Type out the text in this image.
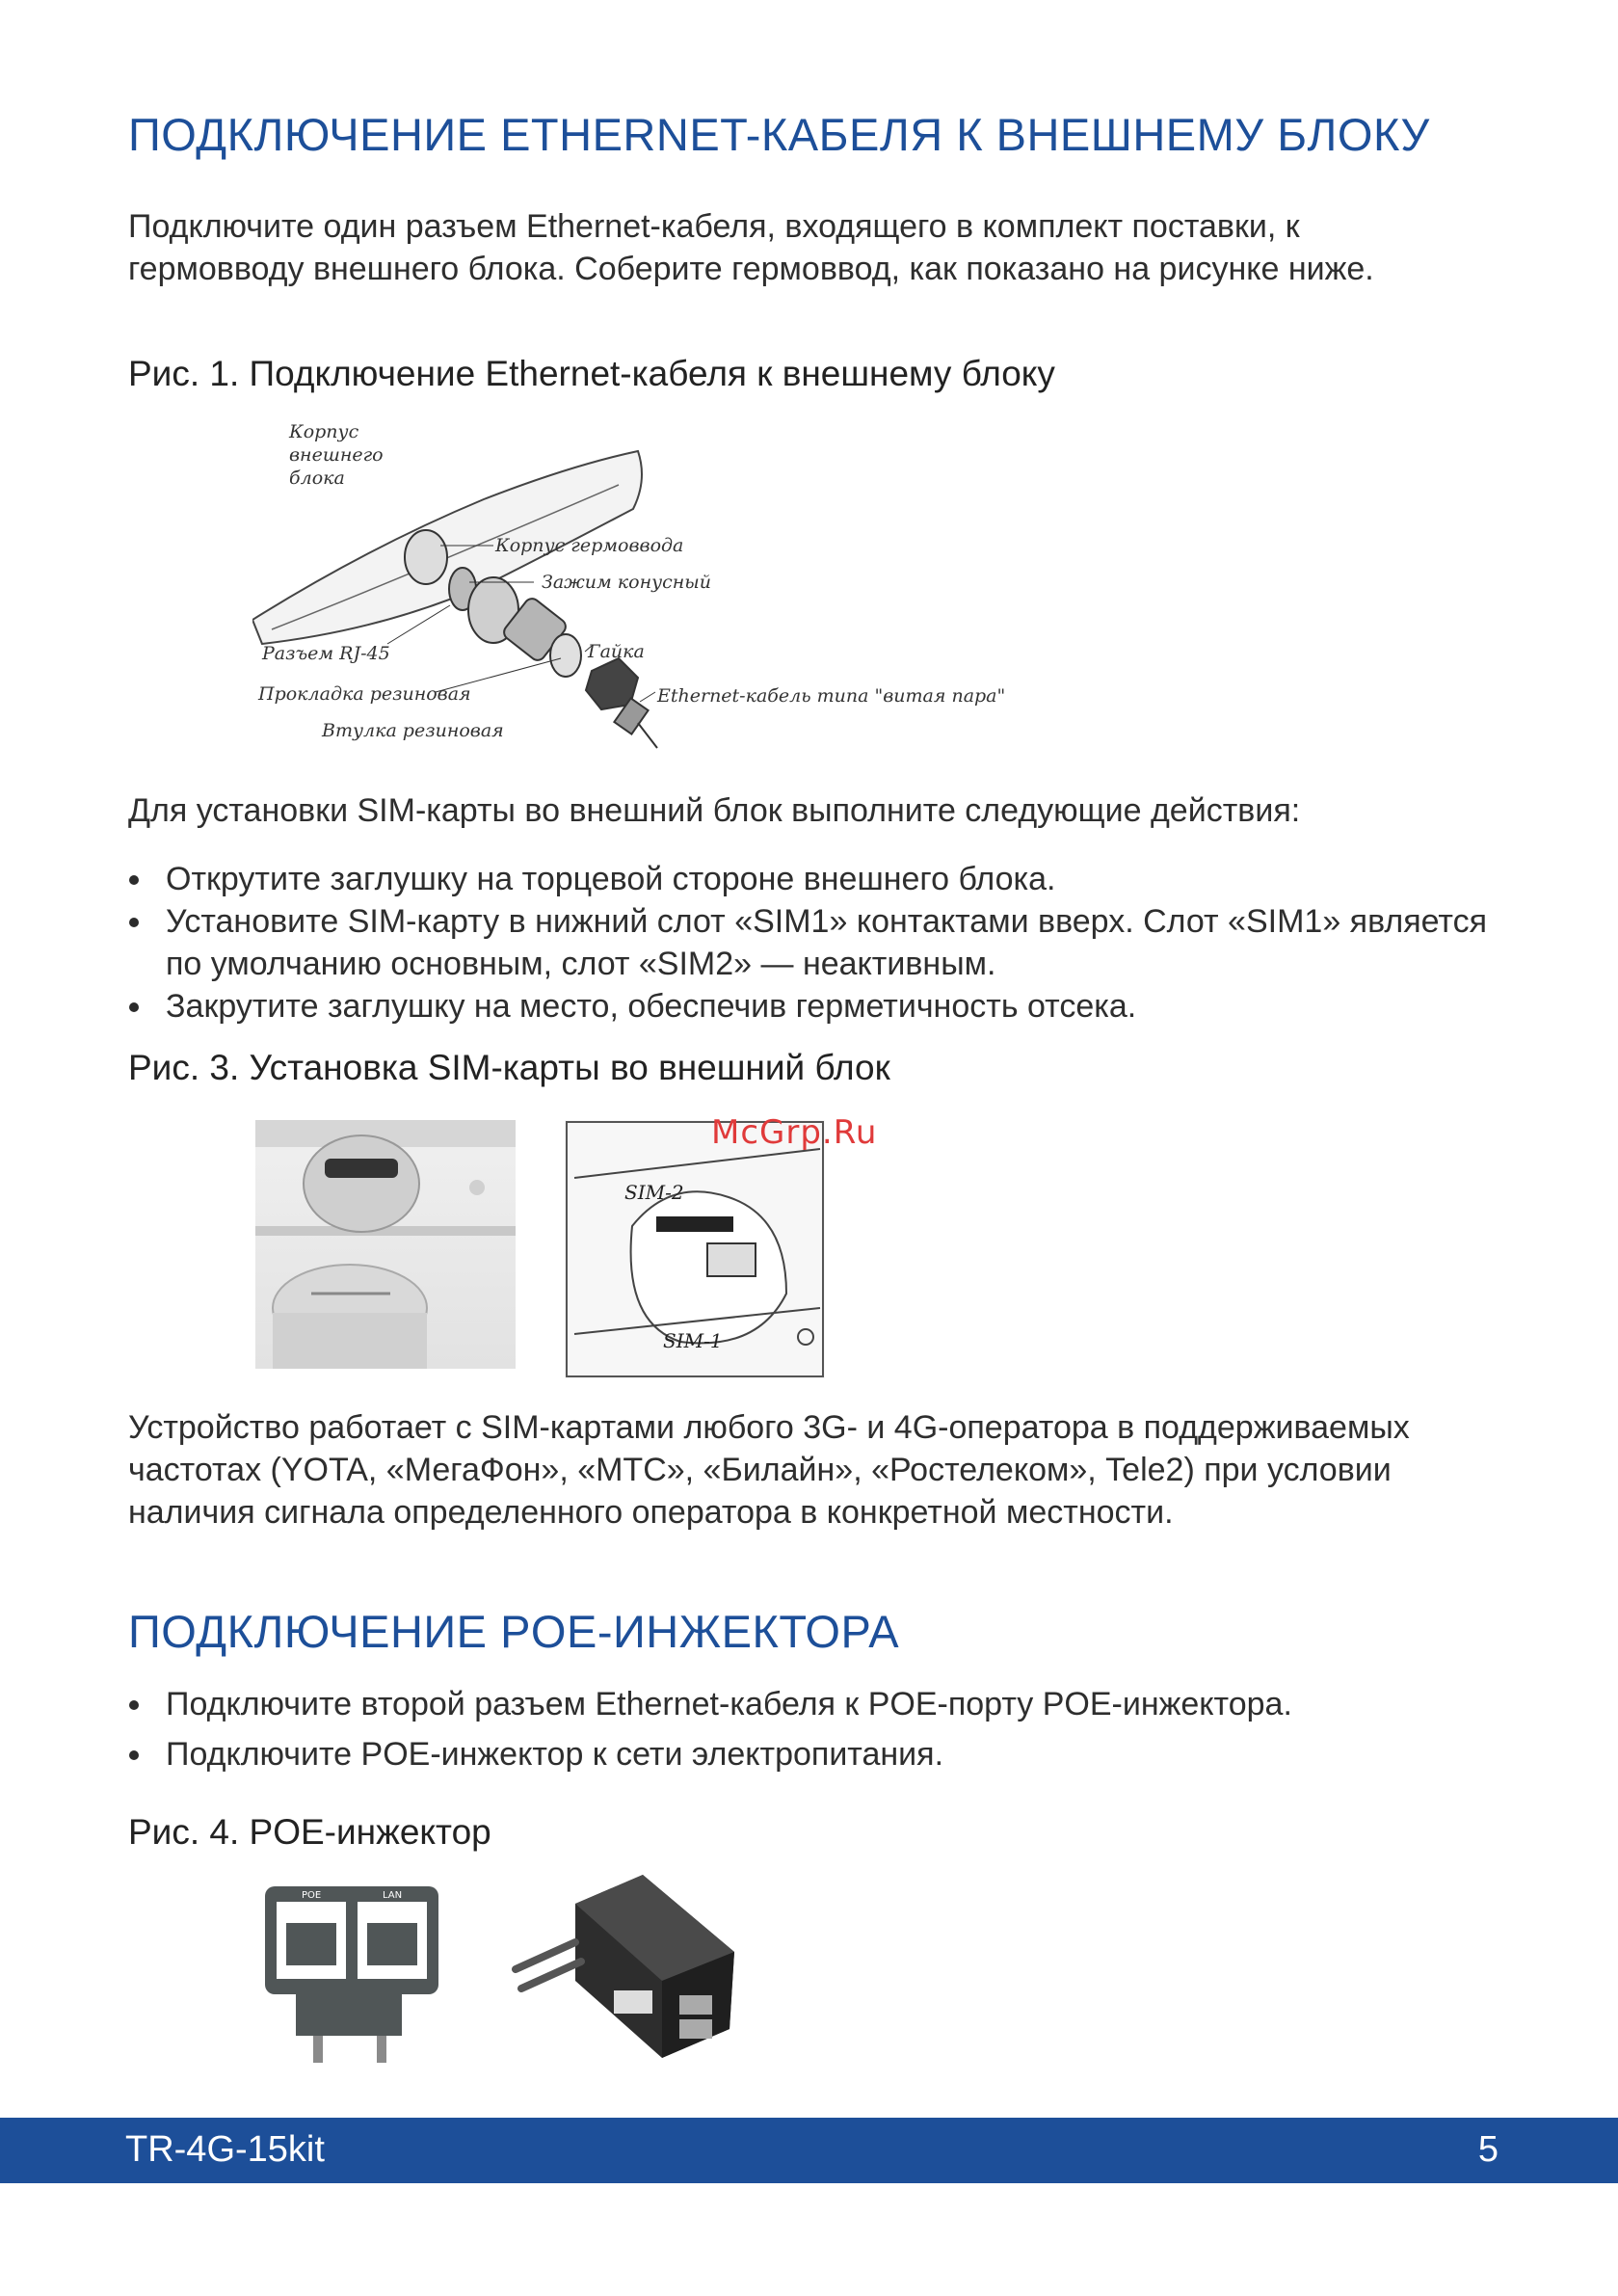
ПОДКЛЮЧЕНИЕ ETHERNET-КАБЕЛЯ К ВНЕШНЕМУ БЛОКУ

Подключите один разъем Ethernet-кабеля, входящего в комплект поставки, к гермовводу внешнего блока. Соберите гермоввод, как показано на рисунке ниже.

Рис. 1. Подключение Ethernet-кабеля к внешнему блоку

Корпус
внешнего
блока
Корпус гермоввода
Зажим конусный
Разъем RJ-45	Гайка
Прокладка резиновая	Ethernet-кабель типа "витая пара"
Втулка резиновая

Для установки SIM-карты во внешний блок выполните следующие действия:

Открутите заглушку на торцевой стороне внешнего блока.
Установите SIM-карту в нижний слот «SIM1» контактами вверх. Слот «SIM1» является по умолчанию основным, слот «SIM2» — неактивным.
Закрутите заглушку на место, обеспечив герметичность отсека.

Рис. 3. Установка SIM-карты во внешний блок

SIM-2
SIM-1
McGrp.Ru

Устройство работает с SIM-картами любого 3G- и 4G-оператора в поддерживаемых частотах (YOTA, «МегаФон», «МТС», «Билайн», «Ростелеком», Tele2) при условии наличия сигнала определенного оператора в конкретной местности.

ПОДКЛЮЧЕНИЕ POE-ИНЖЕКТОРА
Подключите второй разъем Ethernet-кабеля к POE-порту POE-инжектора.
Подключите POE-инжектор к сети электропитания.

Рис. 4. POE-инжектор

POE	LAN
TR-4G-15kit	5
